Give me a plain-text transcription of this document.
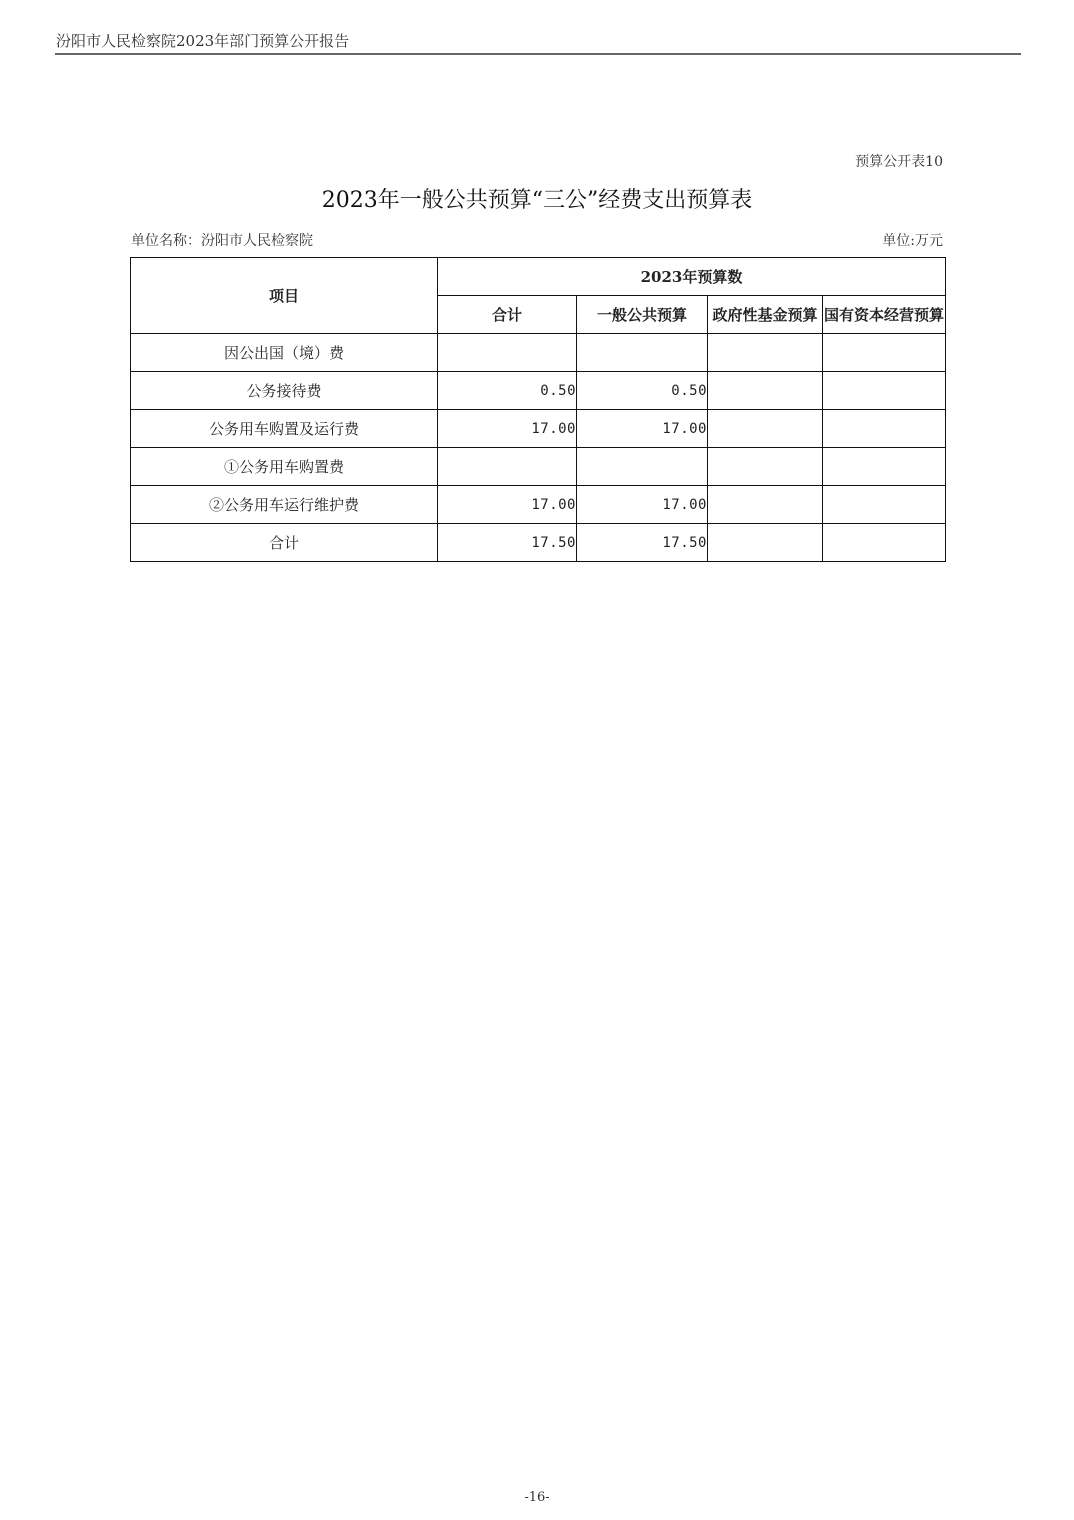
汾阳市人民检察院2023年部门预算公开报告
预算公开表10
2023年一般公共预算“三公”经费支出预算表
单位名称：汾阳市人民检察院	单位:万元
项目	2023年预算数			
	合计	一般公共预算	政府性基金预算	国有资本经营预算
因公出国（境）费				
公务接待费	0.50	0.50		
公务用车购置及运行费	17.00	17.00		
①公务用车购置费				
②公务用车运行维护费	17.00	17.00		
合计	17.50	17.50		
-16-
